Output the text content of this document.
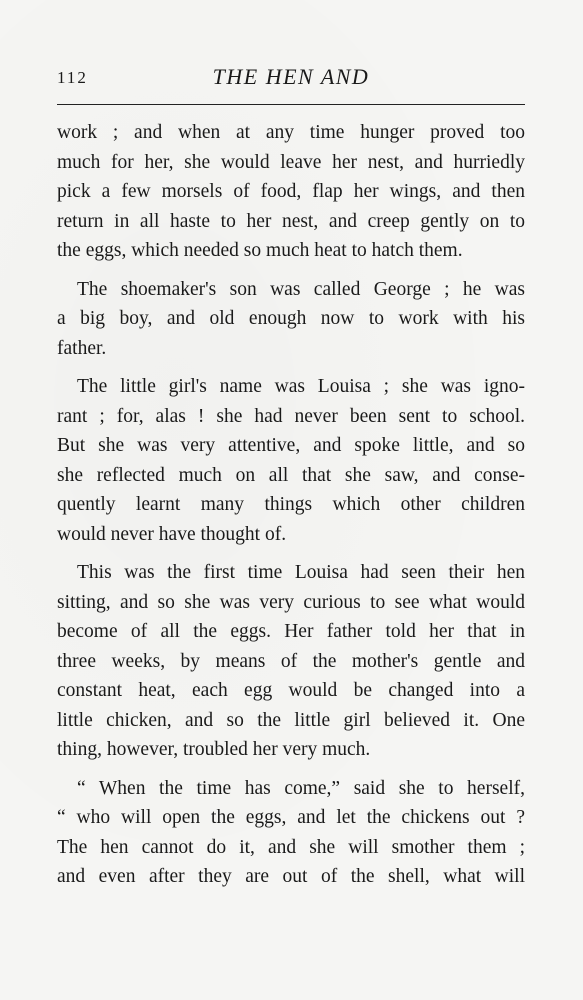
112	THE HEN AND
work ; and when at any time hunger proved too
much for her, she would leave her nest, and hurriedly
pick a few morsels of food, flap her wings, and then
return in all haste to her nest, and creep gently on to
the eggs, which needed so much heat to hatch them.
The shoemaker's son was called George ; he was
a big boy, and old enough now to work with his
father.
The little girl's name was Louisa ; she was igno-
rant ; for, alas ! she had never been sent to school.
But she was very attentive, and spoke little, and so
she reflected much on all that she saw, and conse-
quently learnt many things which other children
would never have thought of.
This was the first time Louisa had seen their hen
sitting, and so she was very curious to see what would
become of all the eggs. Her father told her that in
three weeks, by means of the mother's gentle and
constant heat, each egg would be changed into a
little chicken, and so the little girl believed it. One
thing, however, troubled her very much.
“ When the time has come,” said she to herself,
“ who will open the eggs, and let the chickens out ?
The hen cannot do it, and she will smother them ;
and even after they are out of the shell, what will
